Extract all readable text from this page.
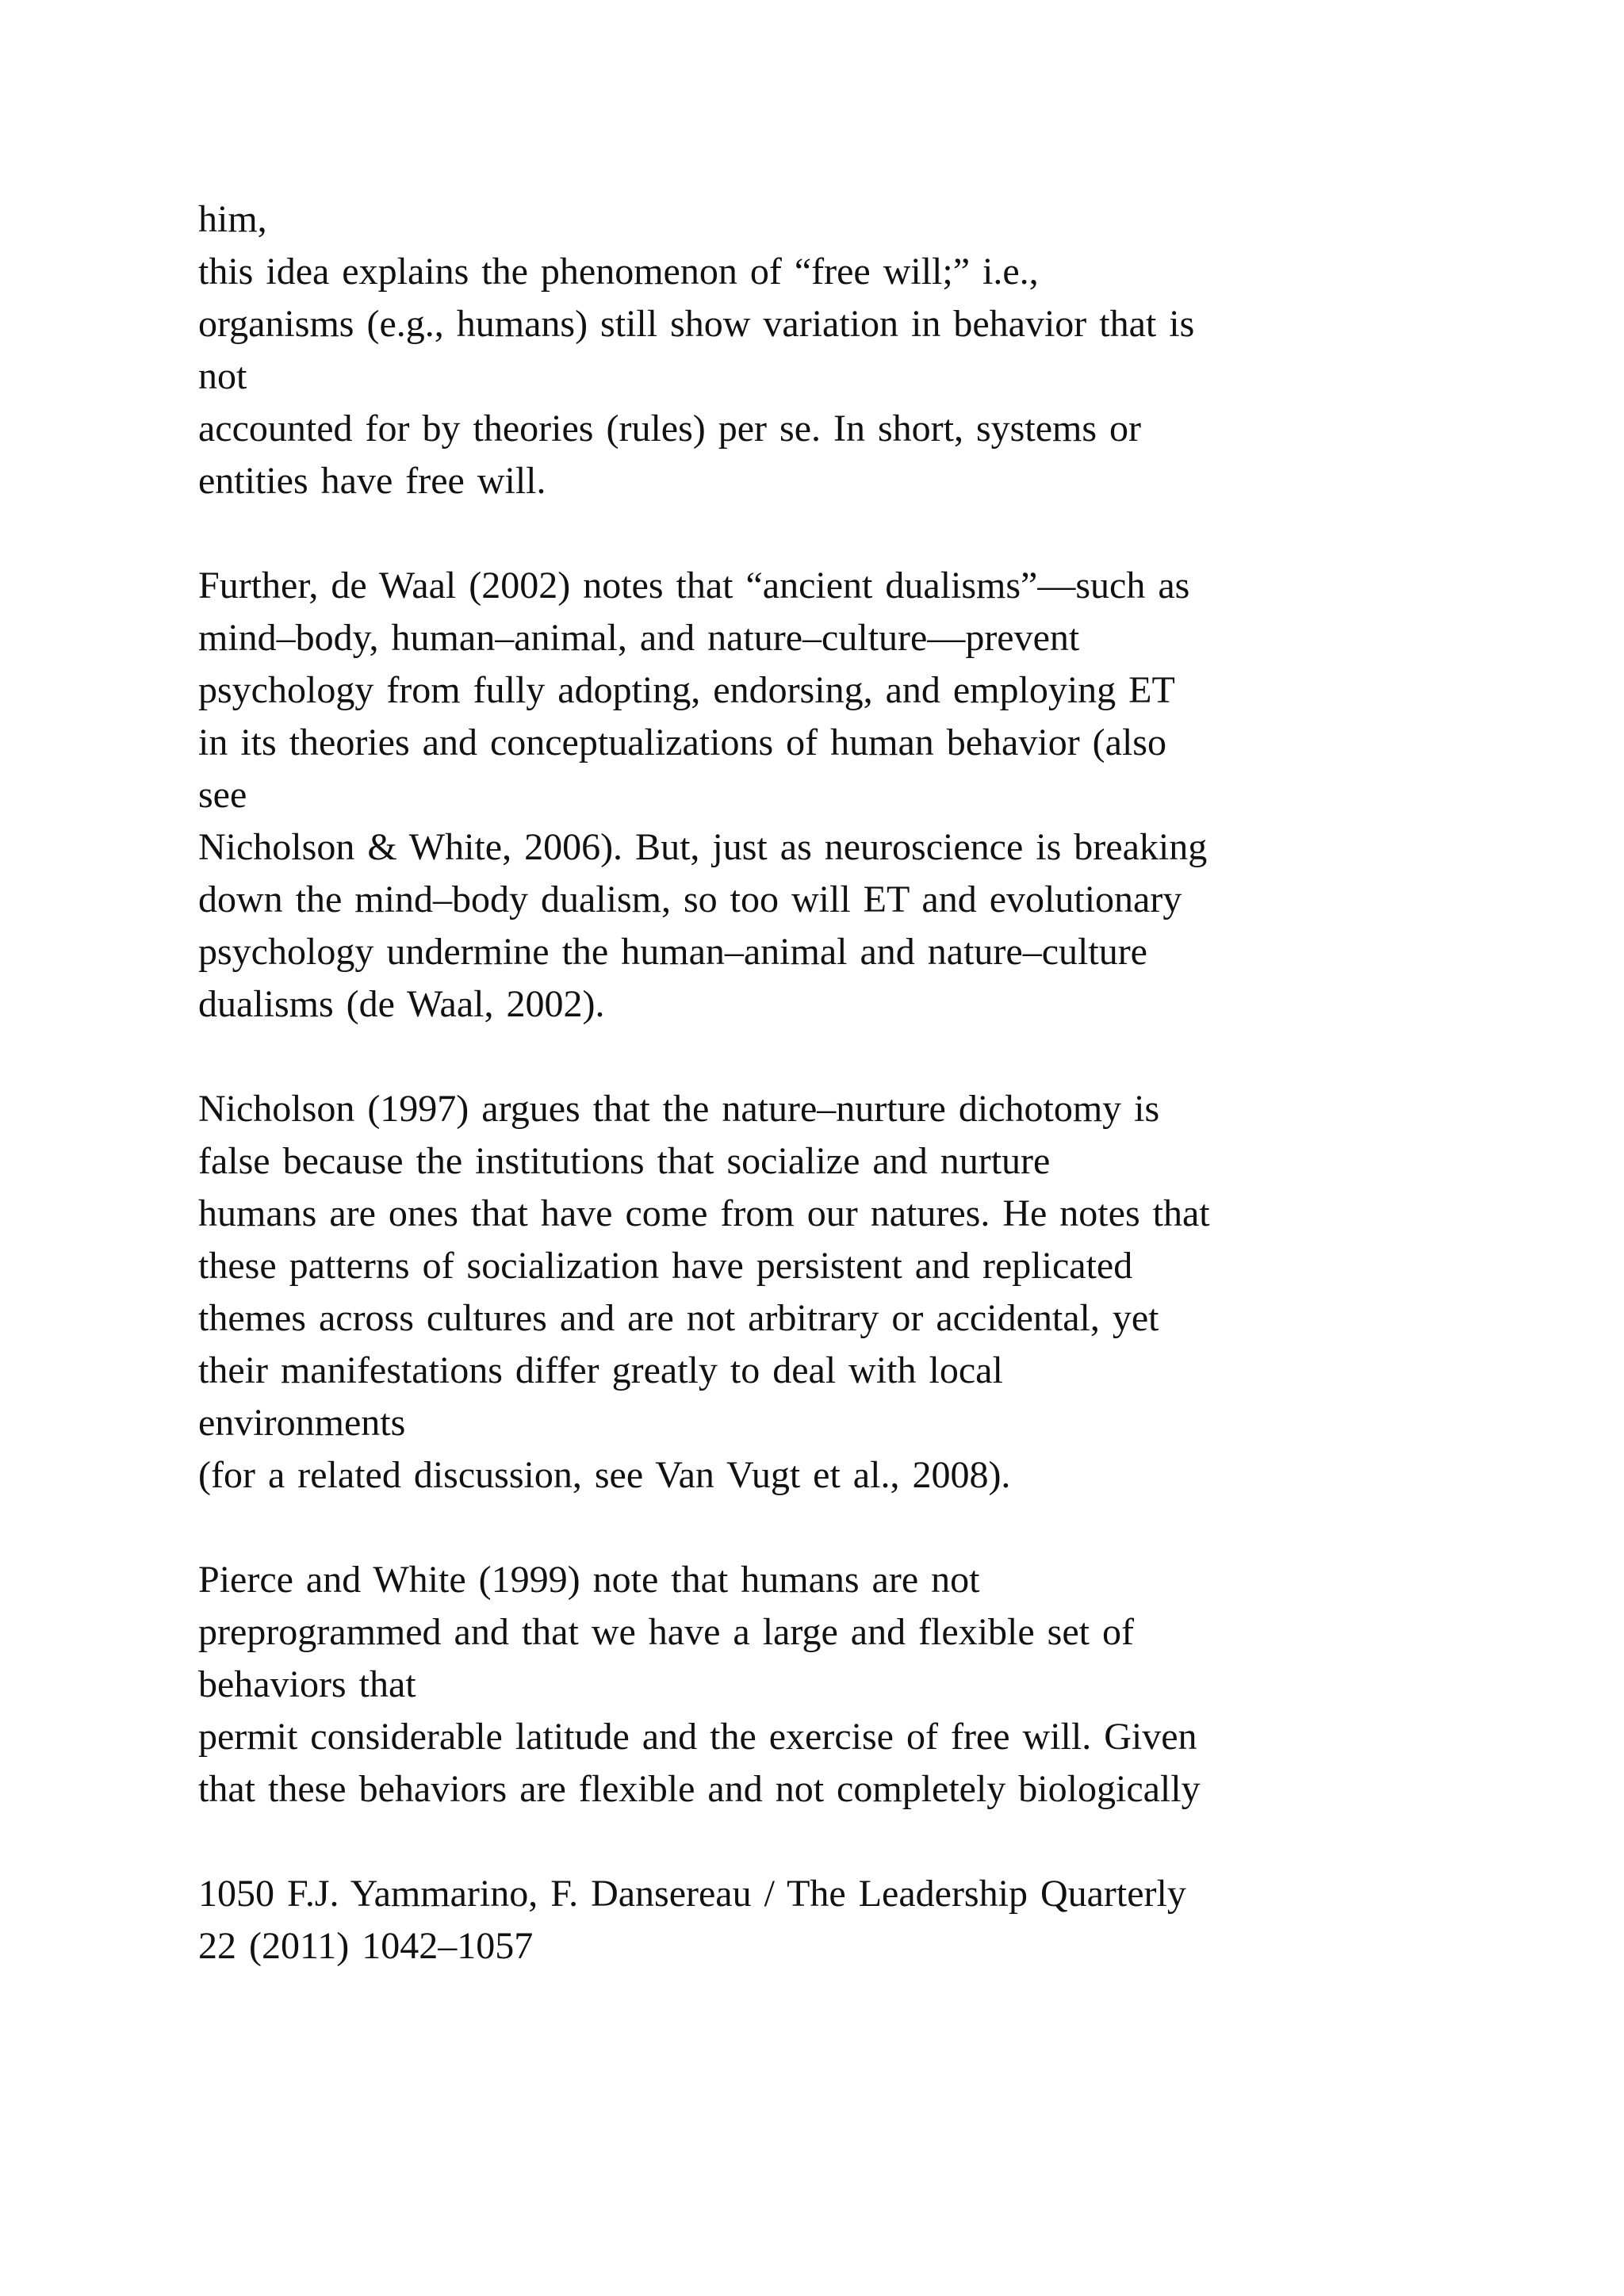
him,
this idea explains the phenomenon of “free will;” i.e.,
organisms (e.g., humans) still show variation in behavior that is
not
accounted for by theories (rules) per se. In short, systems or
entities have free will.
Further, de Waal (2002) notes that “ancient dualisms”—such as
mind–body, human–animal, and nature–culture—prevent
psychology from fully adopting, endorsing, and employing ET
in its theories and conceptualizations of human behavior (also
see
Nicholson & White, 2006). But, just as neuroscience is breaking
down the mind–body dualism, so too will ET and evolutionary
psychology undermine the human–animal and nature–culture
dualisms (de Waal, 2002).
Nicholson (1997) argues that the nature–nurture dichotomy is
false because the institutions that socialize and nurture
humans are ones that have come from our natures. He notes that
these patterns of socialization have persistent and replicated
themes across cultures and are not arbitrary or accidental, yet
their manifestations differ greatly to deal with local
environments
(for a related discussion, see Van Vugt et al., 2008).
Pierce and White (1999) note that humans are not
preprogrammed and that we have a large and flexible set of
behaviors that
permit considerable latitude and the exercise of free will. Given
that these behaviors are flexible and not completely biologically
1050 F.J. Yammarino, F. Dansereau / The Leadership Quarterly
22 (2011) 1042–1057
